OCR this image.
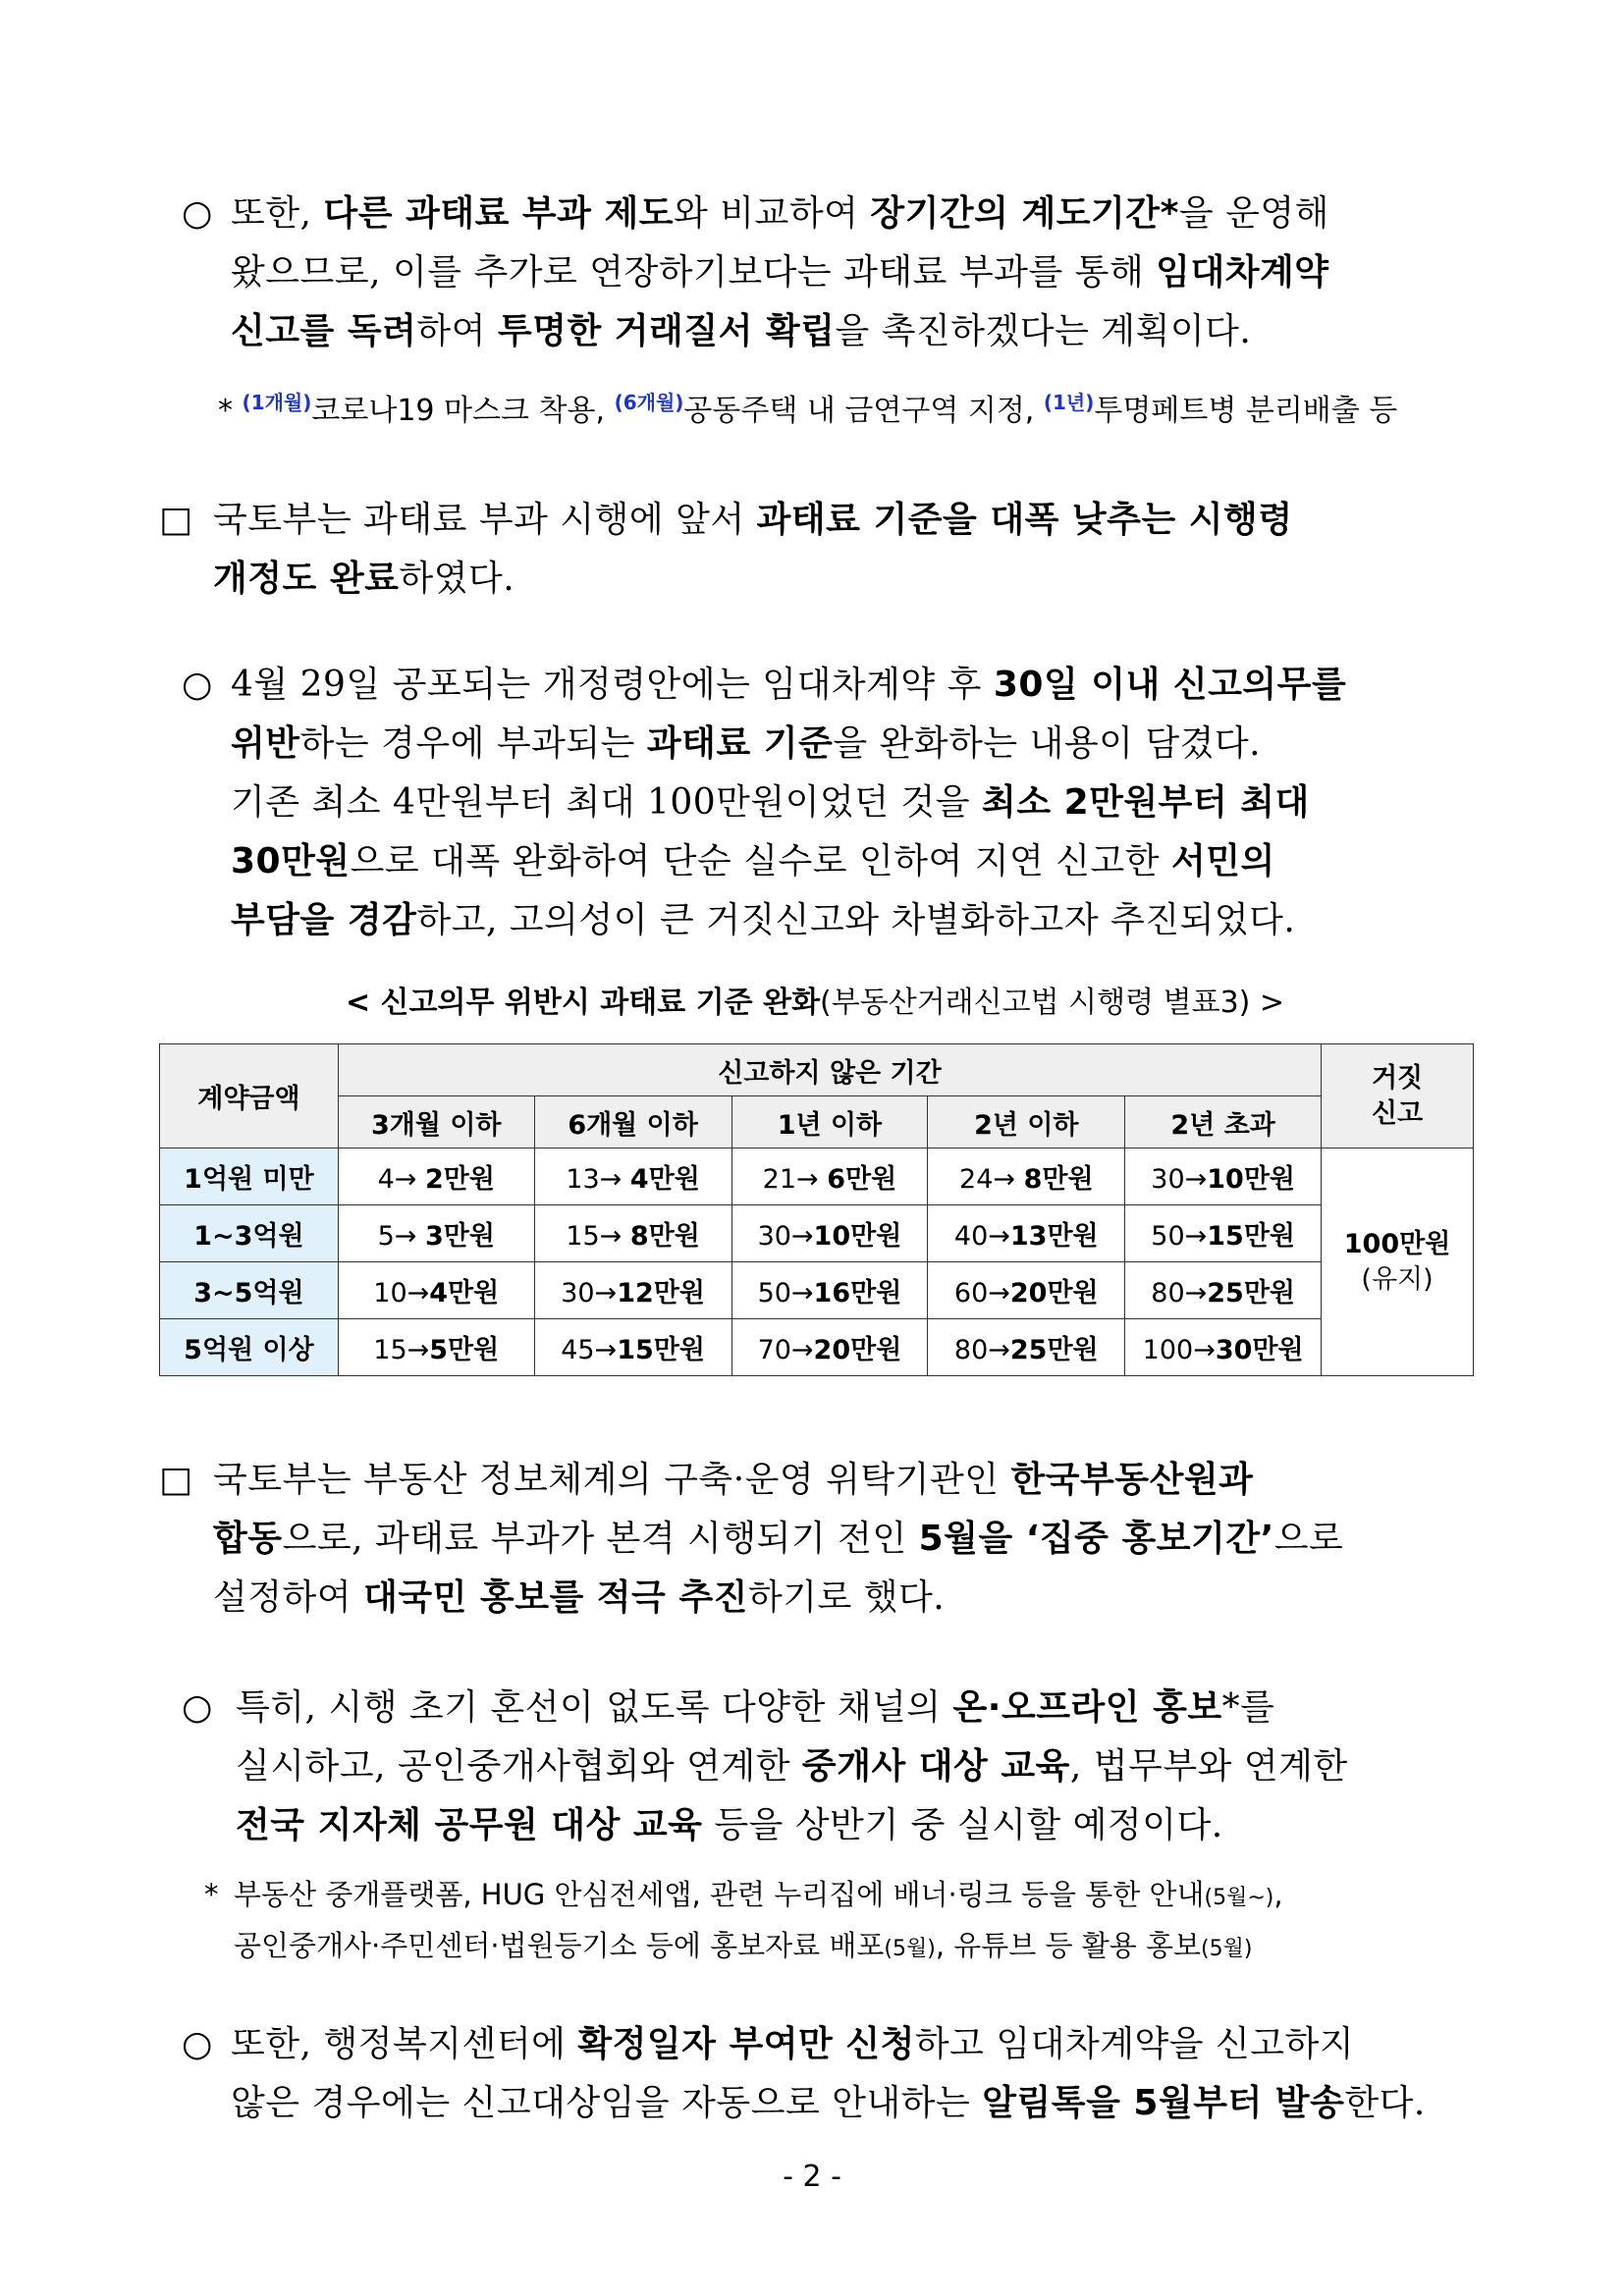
○ 또한, 다른 과태료 부과 제도와 비교하여 장기간의 계도기간*을 운영해
왔으므로, 이를 추가로 연장하기보다는 과태료 부과를 통해 임대차계약
신고를 독려하여 투명한 거래질서 확립을 촉진하겠다는 계획이다.
* $^{(1개월)}$코로나19 마스크 착용, $^{(6개월)}$공동주택 내 금연구역 지정, $^{(1년)}$투명페트병 분리배출 등
□ 국토부는 과태료 부과 시행에 앞서 과태료 기준을 대폭 낮추는 시행령
개정도 완료하였다.
○ 4월 29일 공포되는 개정령안에는 임대차계약 후 30일 이내 신고의무를
위반하는 경우에 부과되는 과태료 기준을 완화하는 내용이 담겼다.
기존 최소 4만원부터 최대 100만원이었던 것을 최소 2만원부터 최대
30만원으로 대폭 완화하여 단순 실수로 인하여 지연 신고한 서민의
부담을 경감하고, 고의성이 큰 거짓신고와 차별화하고자 추진되었다.
< 신고의무 위반시 과태료 기준 완화(부동산거래신고법 시행령 별표3) >
계약금액	신고하지 않은 기간					거짓
신고
	3개월 이하	6개월 이하	1년 이하	2년 이하	2년 초과	
1억원 미만	4→ 2만원	13→ 4만원	21→ 6만원	24→ 8만원	30→10만원	100만원
(유지)
1~3억원	5→ 3만원	15→ 8만원	30→10만원	40→13만원	50→15만원	
3~5억원	10→4만원	30→12만원	50→16만원	60→20만원	80→25만원	
5억원 이상	15→5만원	45→15만원	70→20만원	80→25만원	100→30만원	
□ 국토부는 부동산 정보체계의 구축·운영 위탁기관인 한국부동산원과
합동으로, 과태료 부과가 본격 시행되기 전인 5월을 ‘집중 홍보기간’으로
설정하여 대국민 홍보를 적극 추진하기로 했다.
○ 특히, 시행 초기 혼선이 없도록 다양한 채널의 온·오프라인 홍보*를
실시하고, 공인중개사협회와 연계한 중개사 대상 교육, 법무부와 연계한
전국 지자체 공무원 대상 교육 등을 상반기 중 실시할 예정이다.
* 부동산 중개플랫폼, HUG 안심전세앱, 관련 누리집에 배너·링크 등을 통한 안내(5월~),
공인중개사·주민센터·법원등기소 등에 홍보자료 배포(5월), 유튜브 등 활용 홍보(5월)
○ 또한, 행정복지센터에 확정일자 부여만 신청하고 임대차계약을 신고하지
않은 경우에는 신고대상임을 자동으로 안내하는 알림톡을 5월부터 발송한다.
- 2 -
